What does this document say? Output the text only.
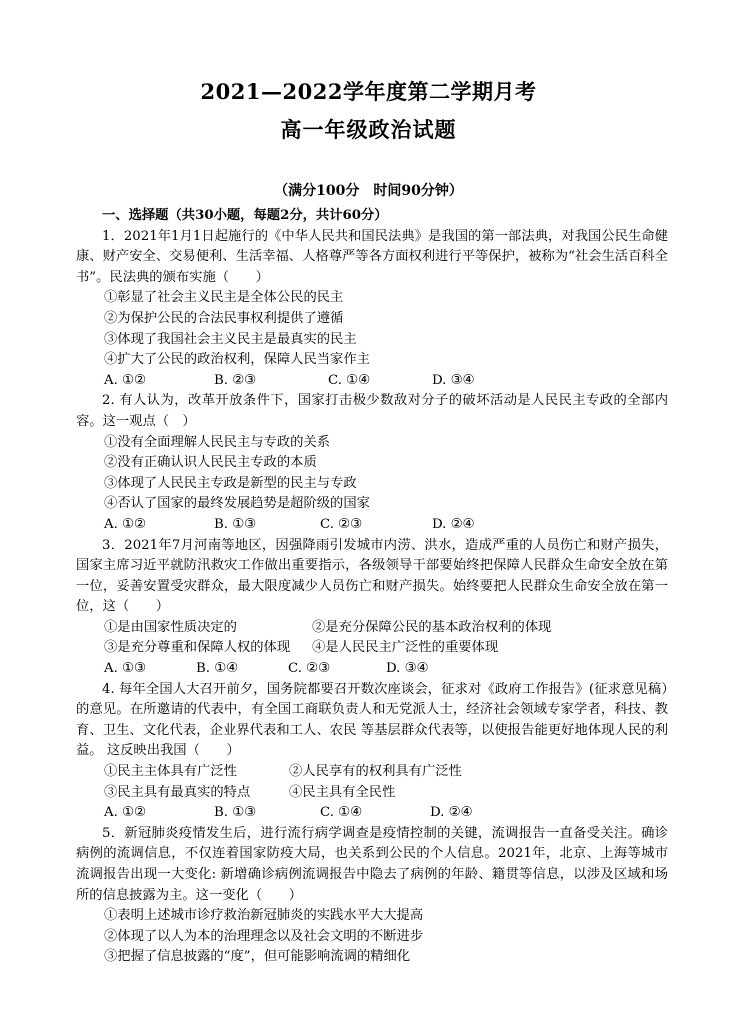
2021—2022学年度第二学期月考
高一年级政治试题
（满分100分　时间90分钟）

一、选择题（共30小题，每题2分，共计60分）

1．2021年1月1日起施行的《中华人民共和国民法典》是我国的第一部法典，对我国公民生命健康、财产安全、交易便利、生活幸福、人格尊严等各方面权利进行平等保护，被称为“社会生活百科全书”。民法典的颁布实施（　　）

①彰显了社会主义民主是全体公民的民主

②为保护公民的合法民事权利提供了遵循

③体现了我国社会主义民主是最真实的民主

④扩大了公民的政治权利，保障人民当家作主

A. ①②	B. ②③	C. ①④	D. ③④

2. 有人认为，改革开放条件下，国家打击极少数敌对分子的破坏活动是人民民主专政的全部内容。这一观点（　）

①没有全面理解人民民主与专政的关系

②没有正确认识人民民主专政的本质

③体现了人民民主专政是新型的民主与专政

④否认了国家的最终发展趋势是超阶级的国家

A. ①②	B. ①③	C. ②③	D. ②④

3．2021年7月河南等地区，因强降雨引发城市内涝、洪水，造成严重的人员伤亡和财产损失，国家主席习近平就防汛救灾工作做出重要指示，各级领导干部要始终把保障人民群众生命安全放在第一位，妥善安置受灾群众，最大限度减少人员伤亡和财产损失。始终要把人民群众生命安全放在第一位，这（　　）

①是由国家性质决定的	②是充分保障公民的基本政治权利的体现

③是充分尊重和保障人权的体现	④是人民民主广泛性的重要体现

A. ①③	B. ①④	C. ②③	D. ③④

4. 每年全国人大召开前夕，国务院都要召开数次座谈会，征求对《政府工作报告》(征求意见稿）的意见。在所邀请的代表中，有全国工商联负责人和无党派人士，经济社会领域专家学者，科技、教育、卫生、文化代表，企业界代表和工人、农民 等基层群众代表等，以使报告能更好地体现人民的利益。 这反映出我国（　　）

①民主主体具有广泛性	②人民享有的权利具有广泛性

③民主具有最真实的特点	④民主具有全民性

A. ①②	B. ①③	C. ①④	D. ②④

5．新冠肺炎疫情发生后，进行流行病学调查是疫情控制的关键，流调报告一直备受关注。确诊病例的流调信息，不仅连着国家防疫大局，也关系到公民的个人信息。2021年，北京、上海等城市流调报告出现一大变化: 新增确诊病例流调报告中隐去了病例的年龄、籍贯等信息，以涉及区域和场所的信息披露为主。这一变化（　　）

①表明上述城市诊疗救治新冠肺炎的实践水平大大提高

②体现了以人为本的治理理念以及社会文明的不断进步

③把握了信息披露的“度”，但可能影响流调的精细化
